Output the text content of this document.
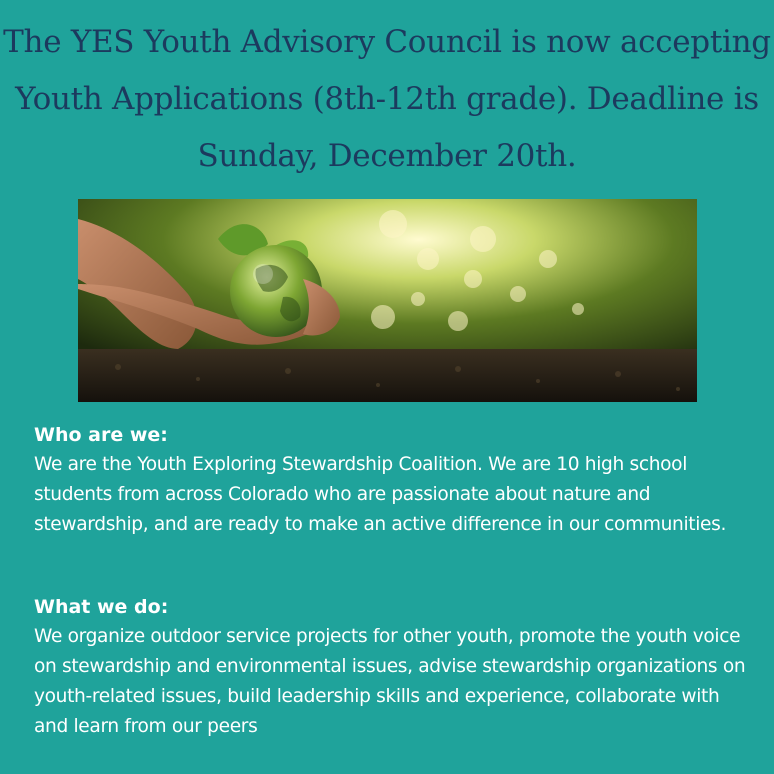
The YES Youth Advisory Council is now accepting Youth Applications (8th-12th grade). Deadline is Sunday, December 20th.
Who are we:

We are the Youth Exploring Stewardship Coalition. We are 10 high school students from across Colorado who are passionate about nature and stewardship, and are ready to make an active difference in our communities.

What we do:

We organize outdoor service projects for other youth, promote the youth voice on stewardship and environmental issues, advise stewardship organizations on youth-related issues, build leadership skills and experience, collaborate with and learn from our peers
